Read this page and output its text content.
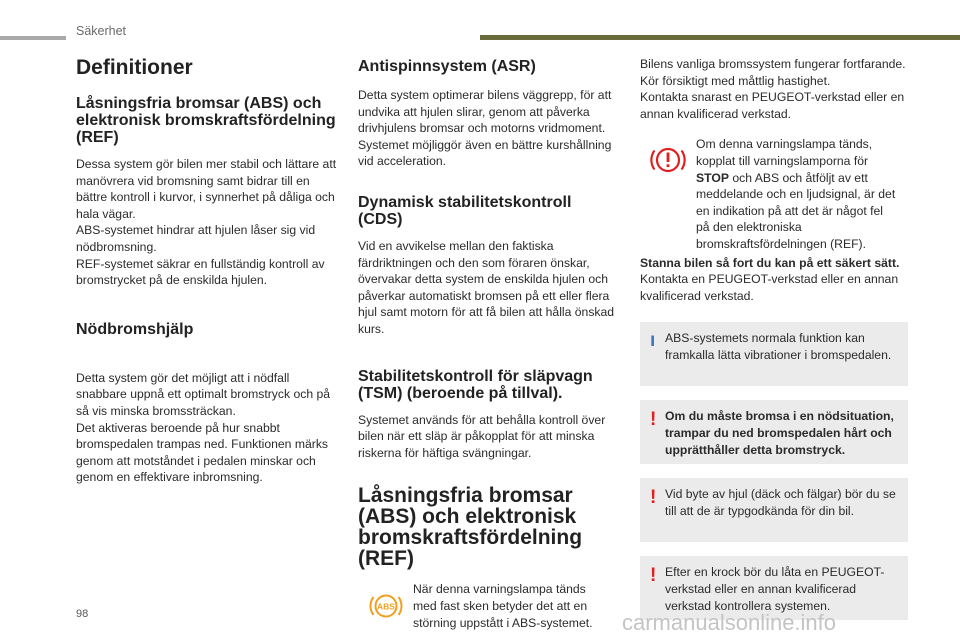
Säkerhet
Definitioner
Låsningsfria bromsar (ABS) och elektronisk bromskraftsfördelning (REF)

Dessa system gör bilen mer stabil och lättare att manövrera vid bromsning samt bidrar till en bättre kontroll i kurvor, i synnerhet på dåliga och hala vägar.

ABS-systemet hindrar att hjulen låser sig vid nödbromsning.

REF-systemet säkrar en fullständig kontroll av bromstrycket på de enskilda hjulen.

Nödbromshjälp

Detta system gör det möjligt att i nödfall snabbare uppnå ett optimalt bromstryck och på så vis minska bromssträckan.

Det aktiveras beroende på hur snabbt bromspedalen trampas ned. Funktionen märks genom att motståndet i pedalen minskar och genom en effektivare inbromsning.

Antispinnsystem (ASR)

Detta system optimerar bilens väggrepp, för att undvika att hjulen slirar, genom att påverka drivhjulens bromsar och motorns vridmoment. Systemet möjliggör även en bättre kurshållning vid acceleration.

Dynamisk stabilitetskontroll (CDS)

Vid en avvikelse mellan den faktiska färdriktningen och den som föraren önskar, övervakar detta system de enskilda hjulen och påverkar automatiskt bromsen på ett eller flera hjul samt motorn för att få bilen att hålla önskad kurs.

Stabilitetskontroll för släpvagn (TSM) (beroende på tillval).

Systemet används för att behålla kontroll över bilen när ett släp är påkopplat för att minska riskerna för häftiga svängningar.

Låsningsfria bromsar (ABS) och elektronisk bromskraftsfördelning (REF)
ABS

När denna varningslampa tänds med fast sken betyder det att en störning uppstått i ABS-systemet.

Bilens vanliga bromssystem fungerar fortfarande.

Kör försiktigt med måttlig hastighet.

Kontakta snarast en PEUGEOT-verkstad eller en annan kvalificerad verkstad.

Om denna varningslampa tänds, kopplat till varningslamporna för STOP och ABS och åtföljt av ett meddelande och en ljudsignal, är det en indikation på att det är något fel på den elektroniska bromskraftsfördelningen (REF).

Stanna bilen så fort du kan på ett säkert sätt.

Kontakta en PEUGEOT-verkstad eller en annan kvalificerad verkstad.

ı ABS-systemets normala funktion kan framkalla lätta vibrationer i bromspedalen.

! Om du måste bromsa i en nödsituation, trampar du ned bromspedalen hårt och upprätthåller detta bromstryck.

! Vid byte av hjul (däck och fälgar) bör du se till att de är typgodkända för din bil.

! Efter en krock bör du låta en PEUGEOT-verkstad eller en annan kvalificerad verkstad kontrollera systemen.

98	carmanualsonline.info
